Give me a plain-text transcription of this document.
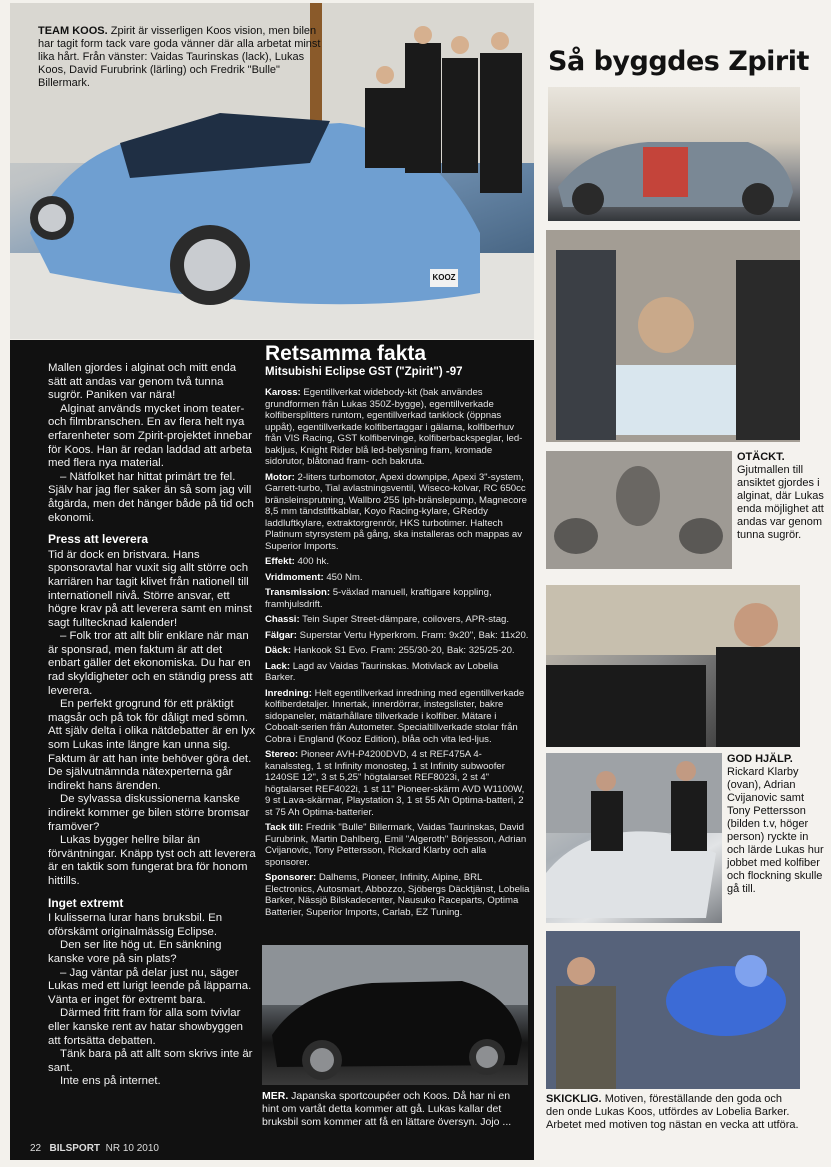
TEAM KOOS. Zpirit är visserligen Koos vision, men bilen har tagit form tack vare goda vänner där alla arbetat minst lika hårt. Från vänster: Vaidas Taurinskas (lack), Lukas Koos, David Furubrink (lärling) och Fredrik "Bulle" Billermark.
KOOZ

Mallen gjordes i alginat och mitt enda sätt att andas var genom två tunna sugrör. Paniken var nära!

Alginat används mycket inom teater- och filmbranschen. En av flera helt nya erfarenheter som Zpirit-projektet innebar för Koos. Han är redan laddad att arbeta med flera nya material.

– Nätfolket har hittat primärt tre fel. Själv har jag fler saker än så som jag vill åtgärda, men det hänger både på tid och ekonomi.

Press att leverera

Tid är dock en bristvara. Hans sponsoravtal har vuxit sig allt större och karriären har tagit klivet från nationell till internationell nivå. Större ansvar, ett högre krav på att leverera samt en minst sagt fulltecknad kalender!

– Folk tror att allt blir enklare när man är sponsrad, men faktum är att det enbart gäller det ekonomiska. Du har en rad skyldigheter och en ständig press att leverera.

En perfekt grogrund för ett präktigt magsår och på tok för dåligt med sömn. Att själv delta i olika nätdebatter är en lyx som Lukas inte längre kan unna sig. Faktum är att han inte behöver göra det. De självutnämnda nätexperterna går indirekt hans ärenden.

De sylvassa diskussionerna kanske indirekt kommer ge bilen större bromsar framöver?

Lukas bygger hellre bilar än förväntningar. Knäpp tyst och att leverera är en taktik som fungerat bra för honom hittills.

Inget extremt

I kulisserna lurar hans bruksbil. En oförskämt originalmässig Eclipse.

Den ser lite hög ut. En sänkning kanske vore på sin plats?

– Jag väntar på delar just nu, säger Lukas med ett lurigt leende på läpparna. Vänta er inget för extremt bara.

Därmed fritt fram för alla som tvivlar eller kanske rent av hatar showbyggen att fortsätta debatten.

Tänk bara på att allt som skrivs inte är sant.

Inte ens på internet.

Retsamma fakta
Mitsubishi Eclipse GST ("Zpirit") -97

Kaross: Egentillverkat widebody-kit (bak användes grundformen från Lukas 350Z-bygge), egentillverkade kolfibersplitters runtom, egentillverkad tanklock (öppnas uppåt), egentillverkade kolfibertaggar i gälarna, kolfiberhuv från VIS Racing, GST kolfibervinge, kolfiberbackspeglar, led-bakljus, Knight Rider blå led-belysning fram, kromade sidorutor, blåtonad fram- och bakruta.

Motor: 2-liters turbomotor, Apexi downpipe, Apexi 3"-system, Garrett-turbo, Tial avlastningsventil, Wiseco-kolvar, RC 650cc bränsleinsprutning, Wallbro 255 lph-bränslepump, Magnecore 8,5 mm tändstiftkablar, Koyo Racing-kylare, GReddy laddluftkylare, extraktorgrenrör, HKS turbotimer. Haltech Platinum styrsystem på gång, ska installeras och mappas av Superior Imports.

Effekt: 400 hk.

Vridmoment: 450 Nm.

Transmission: 5-växlad manuell, kraftigare koppling, framhjulsdrift.

Chassi: Tein Super Street-dämpare, coilovers, APR-stag.

Fälgar: Superstar Vertu Hyperkrom. Fram: 9x20", Bak: 11x20.

Däck: Hankook S1 Evo. Fram: 255/30-20, Bak: 325/25-20.

Lack: Lagd av Vaidas Taurinskas. Motivlack av Lobelia Barker.

Inredning: Helt egentillverkad inredning med egentillverkade kolfiberdetaljer. Innertak, innerdörrar, instegslister, bakre sidopaneler, mätarhållare tillverkade i kolfiber. Mätare i Coboalt-serien från Autometer. Specialtillverkade stolar från Cobra i England (Kooz Edition), blåa och vita led-ljus.

Stereo: Pioneer AVH-P4200DVD, 4 st REF475A 4-kanalssteg, 1 st Infinity monosteg, 1 st Infinity subwoofer 1240SE 12", 3 st 5,25" högtalarset REF8023i, 2 st 4" högtalarset REF4022i, 1 st 11" Pioneer-skärm AVD W1100W, 9 st Lava-skärmar, Playstation 3, 1 st 55 Ah Optima-batteri, 2 st 75 Ah Optima-batterier.

Tack till: Fredrik "Bulle" Billermark, Vaidas Taurinskas, David Furubrink, Martin Dahlberg, Emil "Algeroth" Börjesson, Adrian Cvijanovic, Tony Pettersson, Rickard Klarby och alla sponsorer.

Sponsorer: Dalhems, Pioneer, Infinity, Alpine, BRL Electronics, Autosmart, Abbozzo, Sjöbergs Däcktjänst, Lobelia Barker, Nässjö Bilskadecenter, Nausuko Raceparts, Optima Batterier, Superior Imports, Carlab, EZ Tuning.

MER. Japanska sportcoupéer och Koos. Då har ni en hint om vartåt detta kommer att gå. Lukas kallar det bruksbil som kommer att få en lättare översyn. Jojo ...
22 BILSPORT NR 10 2010
Så byggdes Zpirit
OTÄCKT. Gjutmallen till ansiktet gjordes i alginat, där Lukas enda möjlighet att andas var genom tunna sugrör.
GOD HJÄLP. Rickard Klarby (ovan), Adrian Cvijanovic samt Tony Pettersson (bilden t.v, höger person) ryckte in och lärde Lukas hur jobbet med kolfiber och flockning skulle gå till.
SKICKLIG. Motiven, föreställande den goda och den onde Lukas Koos, utfördes av Lobelia Barker. Arbetet med motiven tog nästan en vecka att utföra.
